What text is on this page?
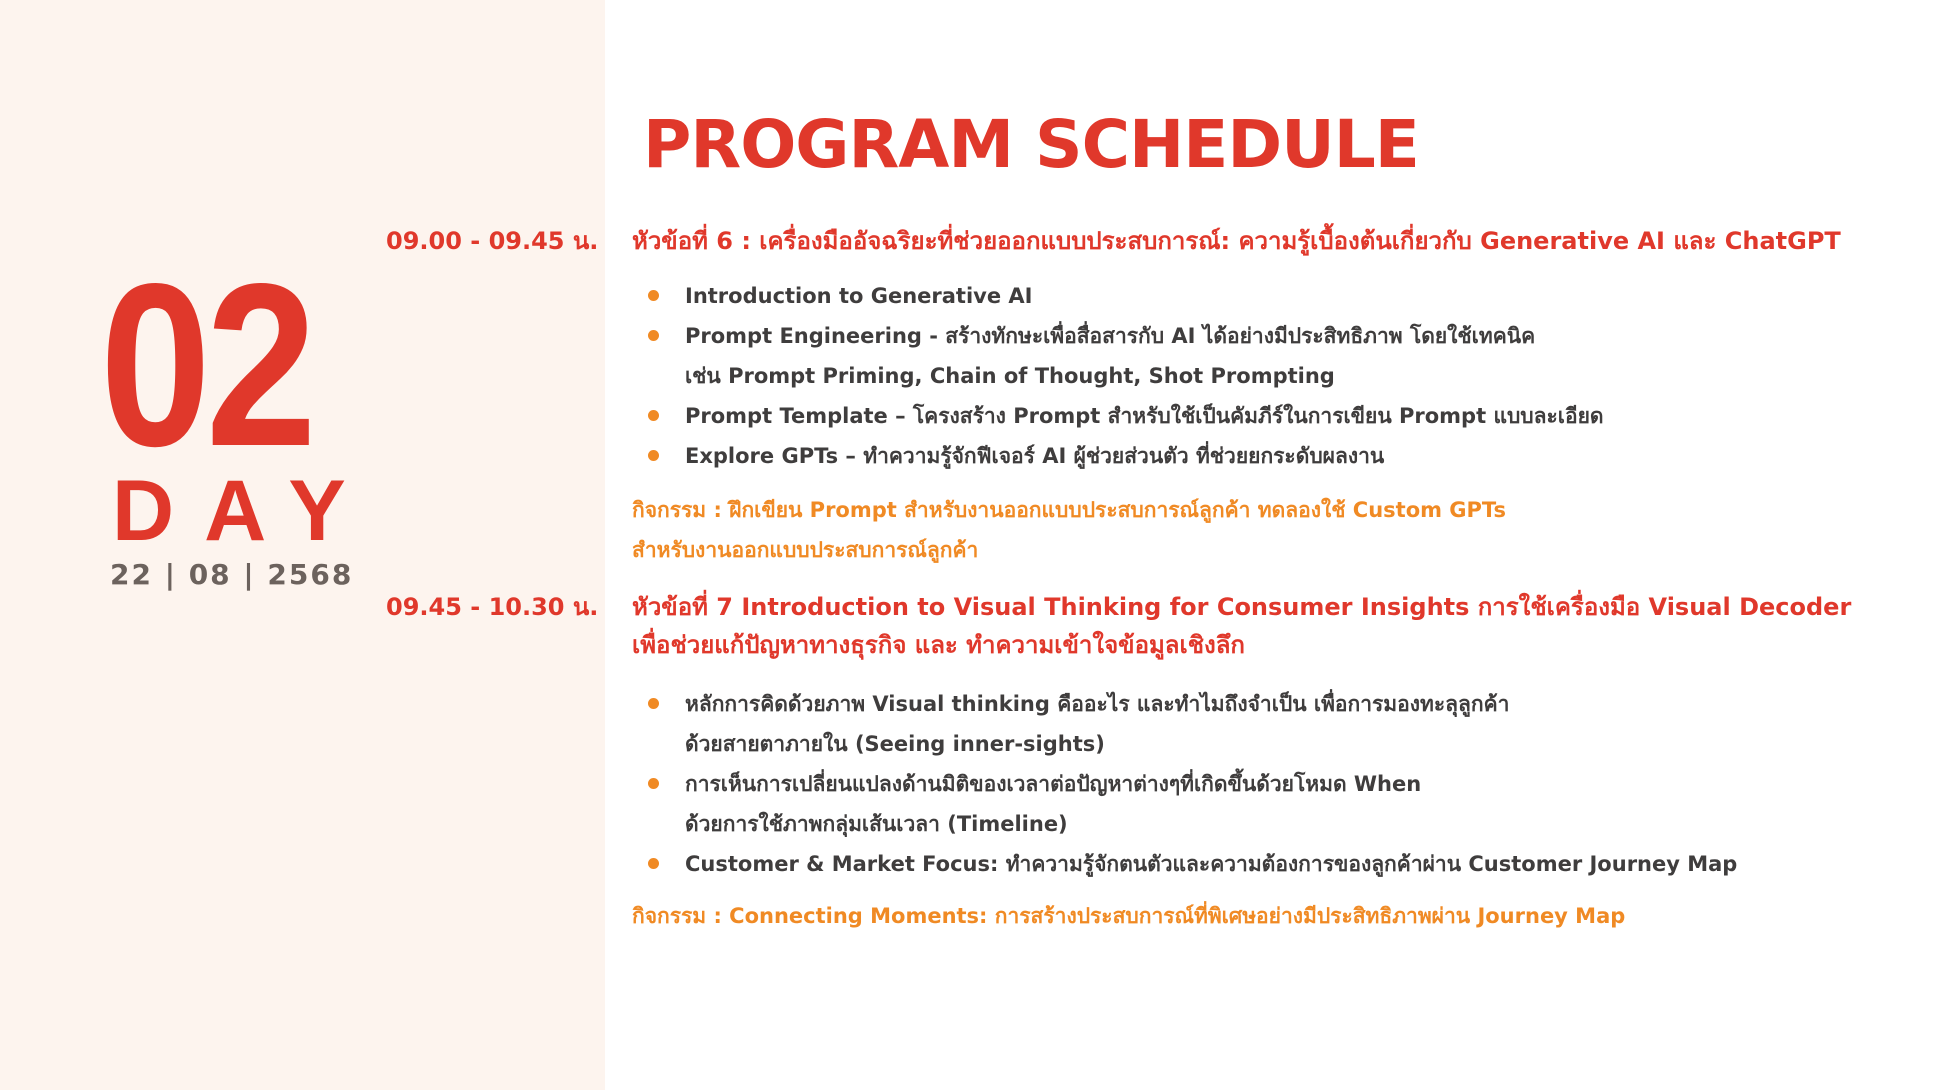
02
DAY
22 | 08 | 2568
PROGRAM SCHEDULE
09.00 - 09.45 น. หัวข้อที่ 6 : เครื่องมืออัจฉริยะที่ช่วยออกแบบประสบการณ์: ความรู้เบื้องต้นเกี่ยวกับ Generative AI และ ChatGPT
Introduction to Generative AI
Prompt Engineering - สร้างทักษะเพื่อสื่อสารกับ AI ได้อย่างมีประสิทธิภาพ โดยใช้เทคนิค
เช่น Prompt Priming, Chain of Thought, Shot Prompting
Prompt Template – โครงสร้าง Prompt สำหรับใช้เป็นคัมภีร์ในการเขียน Prompt แบบละเอียด
Explore GPTs – ทำความรู้จักฟีเจอร์ AI ผู้ช่วยส่วนตัว ที่ช่วยยกระดับผลงาน
กิจกรรม : ฝึกเขียน Prompt สำหรับงานออกแบบประสบการณ์ลูกค้า ทดลองใช้ Custom GPTs
สำหรับงานออกแบบประสบการณ์ลูกค้า
09.45 - 10.30 น. หัวข้อที่ 7 Introduction to Visual Thinking for Consumer Insights การใช้เครื่องมือ Visual Decoder
เพื่อช่วยแก้ปัญหาทางธุรกิจ และ ทำความเข้าใจข้อมูลเชิงลึก
หลักการคิดด้วยภาพ Visual thinking คืออะไร และทำไมถึงจำเป็น เพื่อการมองทะลุลูกค้า
ด้วยสายตาภายใน (Seeing inner-sights)
การเห็นการเปลี่ยนแปลงด้านมิติของเวลาต่อปัญหาต่างๆที่เกิดขึ้นด้วยโหมด When
ด้วยการใช้ภาพกลุ่มเส้นเวลา (Timeline)
Customer & Market Focus: ทำความรู้จักตนตัวและความต้องการของลูกค้าผ่าน Customer Journey Map
กิจกรรม : Connecting Moments: การสร้างประสบการณ์ที่พิเศษอย่างมีประสิทธิภาพผ่าน Journey Map
